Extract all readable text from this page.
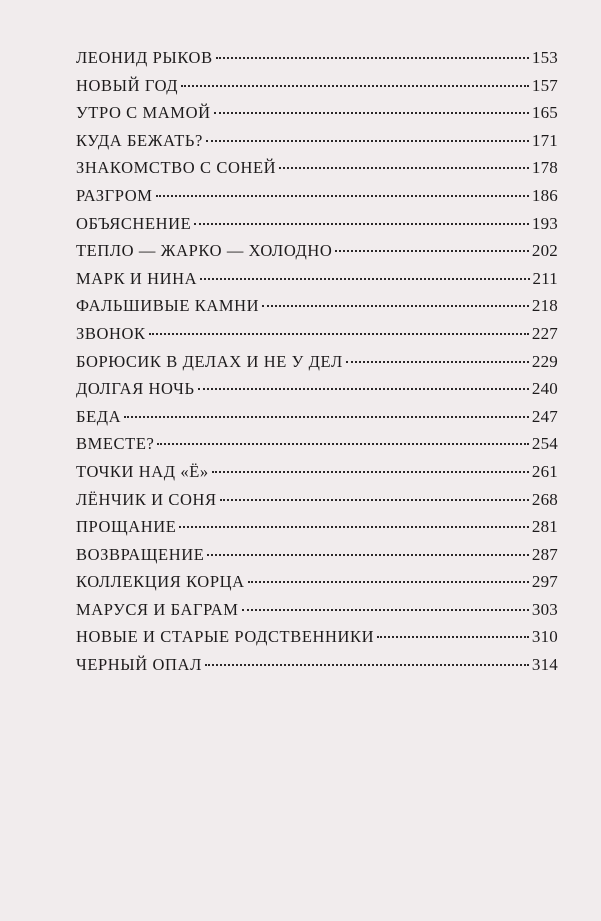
ЛЕОНИД РЫКОВ	153
НОВЫЙ ГОД	157
УТРО С МАМОЙ	165
КУДА БЕЖАТЬ?	171
ЗНАКОМСТВО С СОНЕЙ	178
РАЗГРОМ	186
ОБЪЯСНЕНИЕ	193
ТЕПЛО — ЖАРКО — ХОЛОДНО	202
МАРК И НИНА	211
ФАЛЬШИВЫЕ КАМНИ	218
ЗВОНОК	227
БОРЮСИК В ДЕЛАХ И НЕ У ДЕЛ	229
ДОЛГАЯ НОЧЬ	240
БЕДА	247
ВМЕСТЕ?	254
ТОЧКИ НАД «Ё»	261
ЛЁНЧИК И СОНЯ	268
ПРОЩАНИЕ	281
ВОЗВРАЩЕНИЕ	287
КОЛЛЕКЦИЯ КОРЦА	297
МАРУСЯ И БАГРАМ	303
НОВЫЕ И СТАРЫЕ РОДСТВЕННИКИ	310
ЧЕРНЫЙ ОПАЛ	314
